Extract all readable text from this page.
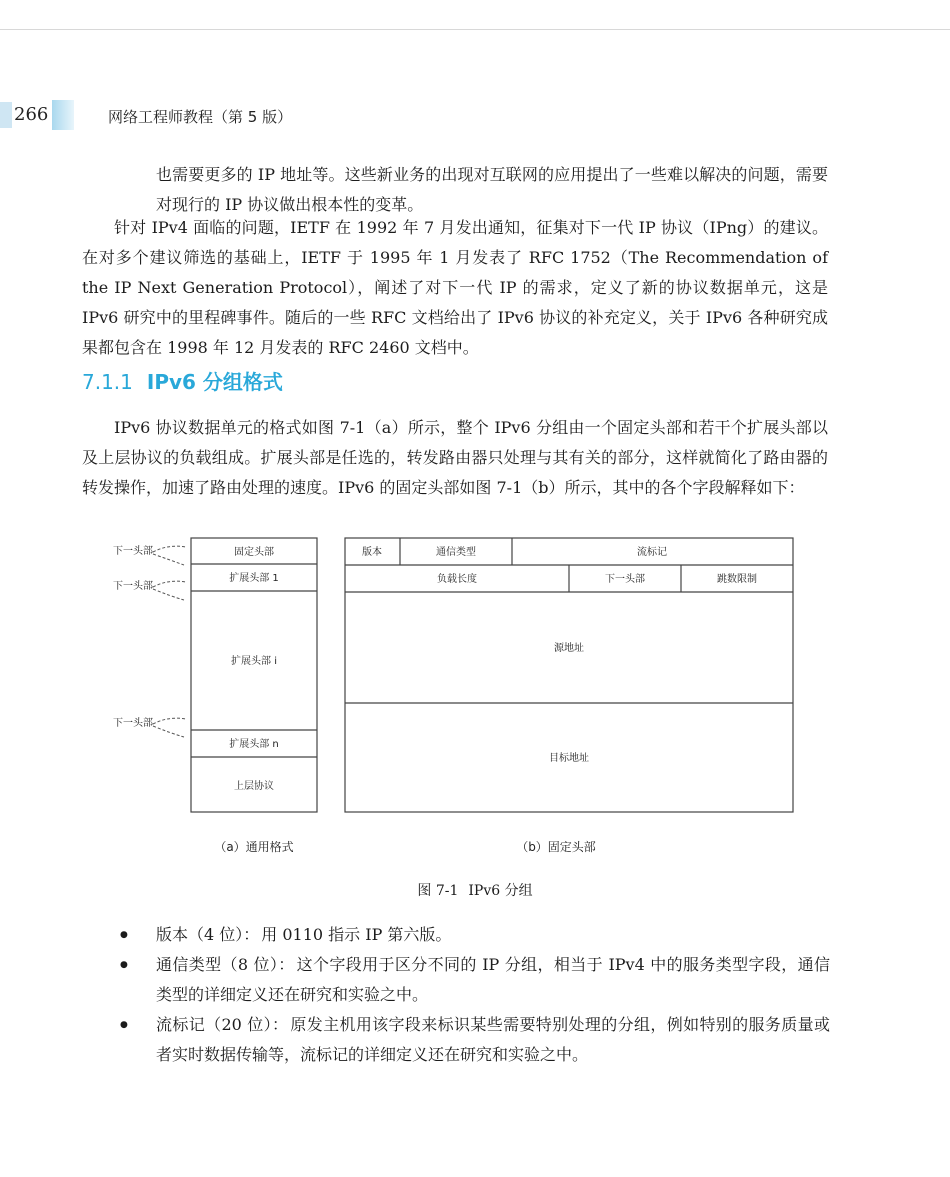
266	网络工程师教程（第 5 版）

也需要更多的 IP 地址等。这些新业务的出现对互联网的应用提出了一些难以解决的问题，需要对现行的 IP 协议做出根本性的变革。

针对 IPv4 面临的问题，IETF 在 1992 年 7 月发出通知，征集对下一代 IP 协议（IPng）的建议。在对多个建议筛选的基础上，IETF 于 1995 年 1 月发表了 RFC 1752（The Recommendation of the IP Next Generation Protocol），阐述了对下一代 IP 的需求，定义了新的协议数据单元，这是 IPv6 研究中的里程碑事件。随后的一些 RFC 文档给出了 IPv6 协议的补充定义，关于 IPv6 各种研究成果都包含在 1998 年 12 月发表的 RFC 2460 文档中。

7.1.1 IPv6 分组格式

IPv6 协议数据单元的格式如图 7-1（a）所示，整个 IPv6 分组由一个固定头部和若干个扩展头部以及上层协议的负载组成。扩展头部是任选的，转发路由器只处理与其有关的部分，这样就简化了路由器的转发操作，加速了路由处理的速度。IPv6 的固定头部如图 7-1（b）所示，其中的各个字段解释如下：

固定头部
扩展头部 1
扩展头部 i
扩展头部 n
上层协议
下一头部
下一头部
下一头部
（a）通用格式
版本	通信类型	流标记
负载长度	下一头部	跳数限制
源地址
目标地址
（b）固定头部
图 7-1 IPv6 分组
● 版本（4 位）： 用 0110 指示 IP 第六版。
● 通信类型（8 位）： 这个字段用于区分不同的 IP 分组，相当于 IPv4 中的服务类型字段，通信类型的详细定义还在研究和实验之中。
● 流标记（20 位）： 原发主机用该字段来标识某些需要特别处理的分组，例如特别的服务质量或者实时数据传输等，流标记的详细定义还在研究和实验之中。
